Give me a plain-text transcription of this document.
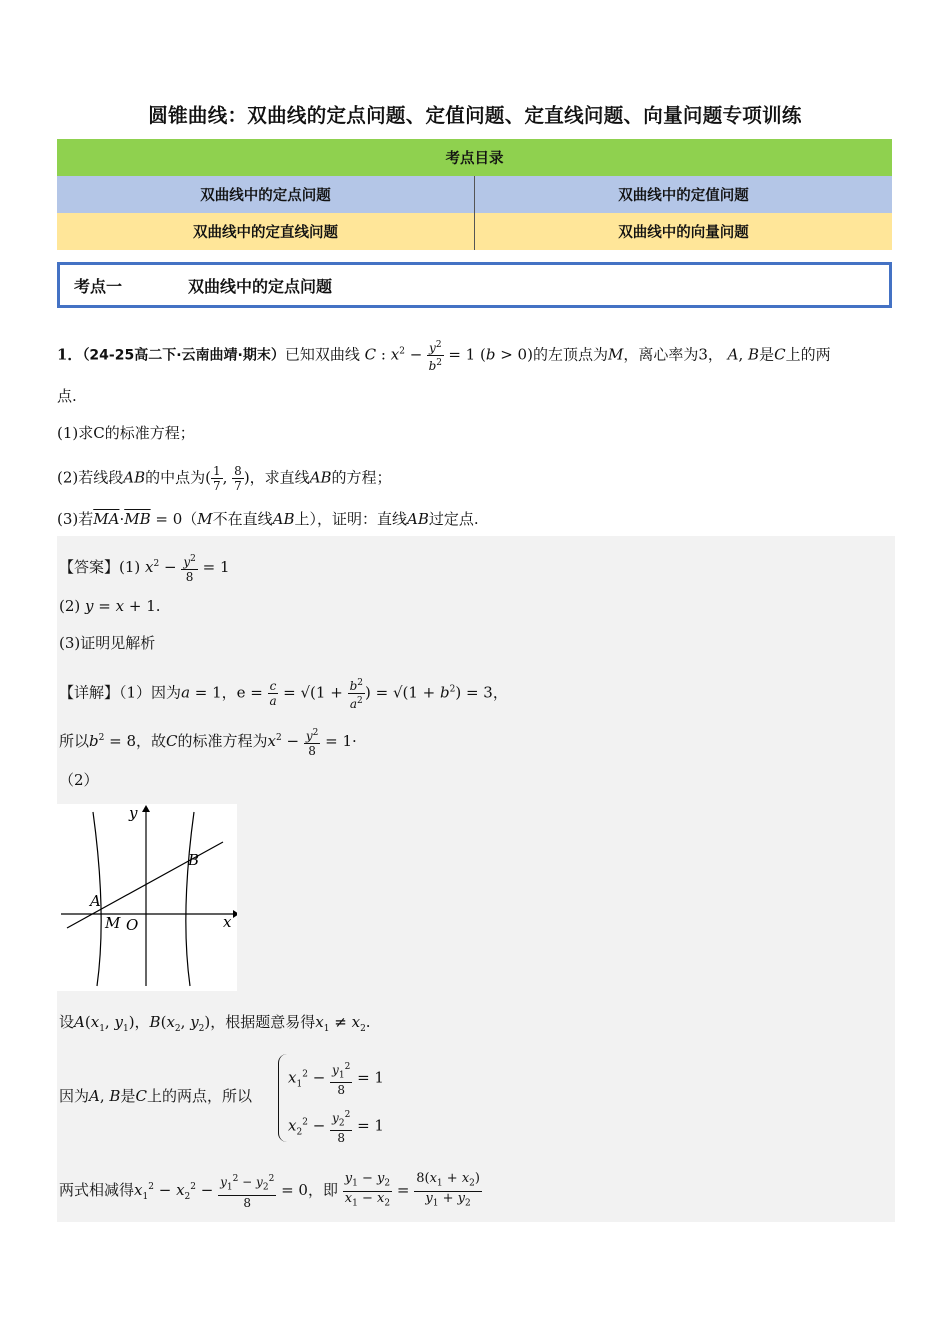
圆锥曲线：双曲线的定点问题、定值问题、定直线问题、向量问题专项训练
考点目录
双曲线中的定点问题	双曲线中的定值问题
双曲线中的定直线问题	双曲线中的向量问题
考点一	双曲线中的定点问题
1．（24-25高二下·云南曲靖·期末）已知双曲线 C : $x^2 - \frac{y^2}{b^2} = 1$ (b > 0)的左顶点为M，离心率为3， A, B是C上的两
点.
(1)求C的标准方程；
(2)若线段AB的中点为( $\frac{1}{7}$ , $\frac{8}{7}$ )，求直线AB的方程；
(3)若$\overline{MA}\cdot\overline{MB} = 0(M$不在直线AB上），证明：直线AB过定点.
【答案】(1) $x^2 - \frac{y^2}{8} = 1$
(2) y = x + 1.
(3)证明见解析
【详解】（1）因为a = 1，$e = \frac{c}{a} = √(1 + \frac{b^2}{a^2}$ ) = $√(1 + b^2) = 3$，
所以$b^2 = 8$，故C的标准方程为$x^2 - \frac{y^2}{8} = 1\cdot$
（2）
y
x
A
B
M O
设$A(x_1$, $y_1$)，$B(x_2$, $y_2$)，根据题意易得$x_1 \ne x_2$.
因为A, B是C上的两点，所以
$x_1^2 - \frac{y_1^2}{8} = 1$
$x_2^2 - \frac{y_2^2}{8} = 1$
两式相减得$x_1^2 - x_2^2 - \frac{y_1^2 - y_2^2}{8} = 0$，即 $\frac{y_1 - y_2}{x_1 - x_2} = \frac{8(x_1 + x_2)}{y_1 + y_2}$
